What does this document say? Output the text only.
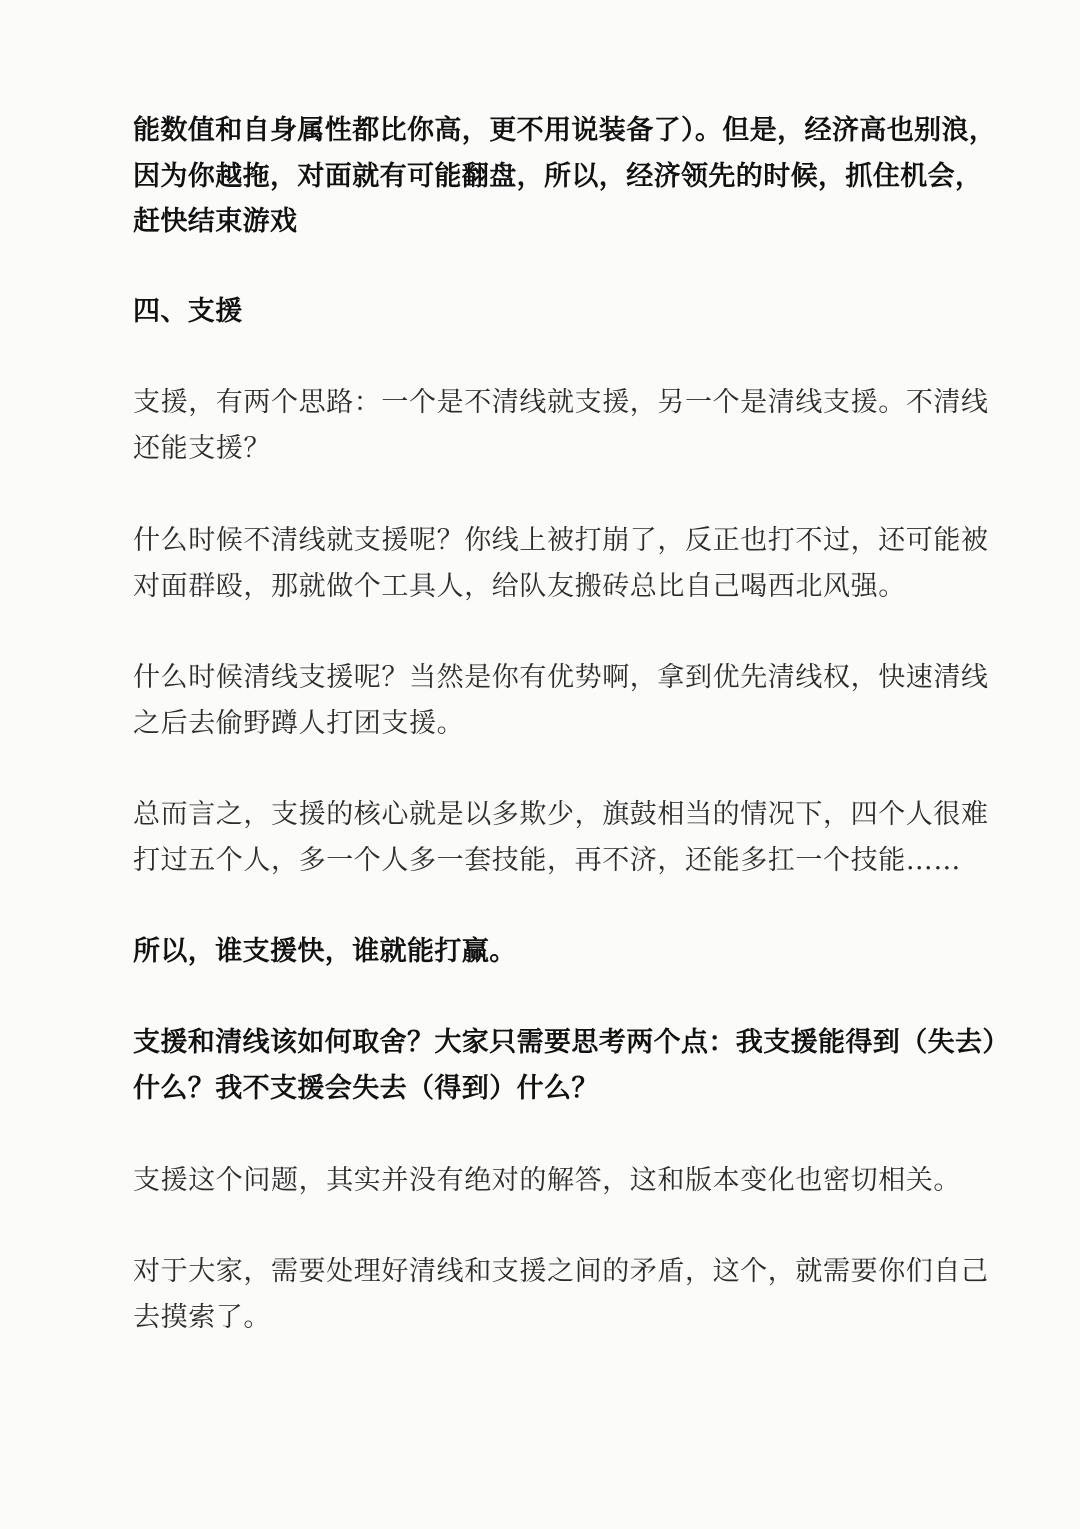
能数值和自身属性都比你高，更不用说装备了）。但是，经济高也别浪，
因为你越拖，对面就有可能翻盘，所以，经济领先的时候，抓住机会，
赶快结束游戏

四、支援

支援，有两个思路：一个是不清线就支援，另一个是清线支援。不清线
还能支援？

什么时候不清线就支援呢？你线上被打崩了，反正也打不过，还可能被
对面群殴，那就做个工具人，给队友搬砖总比自己喝西北风强。

什么时候清线支援呢？当然是你有优势啊，拿到优先清线权，快速清线
之后去偷野蹲人打团支援。

总而言之，支援的核心就是以多欺少，旗鼓相当的情况下，四个人很难
打过五个人，多一个人多一套技能，再不济，还能多扛一个技能……

所以，谁支援快，谁就能打赢。

支援和清线该如何取舍？大家只需要思考两个点：我支援能得到（失去）
什么？我不支援会失去（得到）什么？

支援这个问题，其实并没有绝对的解答，这和版本变化也密切相关。

对于大家，需要处理好清线和支援之间的矛盾，这个，就需要你们自己
去摸索了。
